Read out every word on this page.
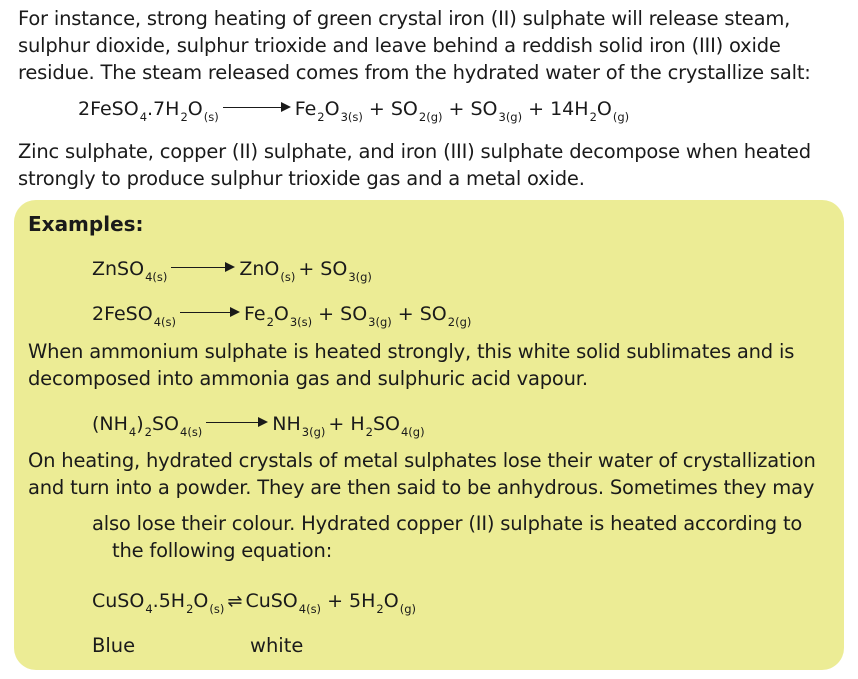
For instance, strong heating of green crystal iron (II) sulphate will release steam,
sulphur dioxide, sulphur trioxide and leave behind a reddish solid iron (III) oxide
residue. The steam released comes from the hydrated water of the crystallize salt:
2FeSO 4 .7H 2 O (s)	Fe 2 O 3(s) + SO 2(g) + SO 3(g) + 14H 2 O (g)
Zinc sulphate, copper (II) sulphate, and iron (III) sulphate decompose when heated
strongly to produce sulphur trioxide gas and a metal oxide.
Examples:
ZnSO 4(s)	ZnO (s) + SO 3(g)
2FeSO 4(s)	Fe 2 O 3(s) + SO 3(g) + SO 2(g)
When ammonium sulphate is heated strongly, this white solid sublimates and is
decomposed into ammonia gas and sulphuric acid vapour.
(NH 4 ) 2 SO 4(s)	NH 3(g) + H 2 SO 4(g)
On heating, hydrated crystals of metal sulphates lose their water of crystallization
and turn into a powder. They are then said to be anhydrous. Sometimes they may
also lose their colour. Hydrated copper (II) sulphate is heated according to
the following equation:
CuSO 4 .5H 2 O (s) ⇌ CuSO 4(s) + 5H 2 O (g)
Blue	white
